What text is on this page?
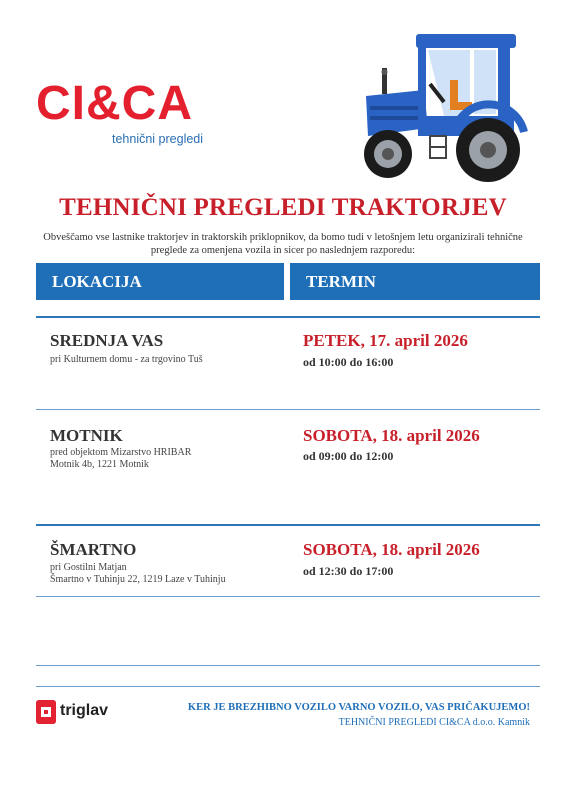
CI&CA
tehnični pregledi
TEHNIČNI PREGLEDI TRAKTORJEV

Obveščamo vse lastnike traktorjev in traktorskih priklopnikov, da bomo tudi v letošnjem letu organizirali tehnične preglede za omenjena vozila in sicer po naslednjem razporedu:

LOKACIJA	TERMIN
SREDNJA VAS
pri Kulturnem domu - za trgovino Tuš
PETEK, 17. april 2026
od 10:00 do 16:00
MOTNIK
pred objektom Mizarstvo HRIBAR
Motnik 4b, 1221 Motnik
SOBOTA, 18. april 2026
od 09:00 do 12:00
ŠMARTNO
pri Gostilni Matjan
Šmartno v Tuhinju 22, 1219 Laze v Tuhinju
SOBOTA, 18. april 2026
od 12:30 do 17:00
triglav	KER JE BREZHIBNO VOZILO VARNO VOZILO, VAS PRIČAKUJEMO!
TEHNIČNI PREGLEDI CI&CA d.o.o. Kamnik
